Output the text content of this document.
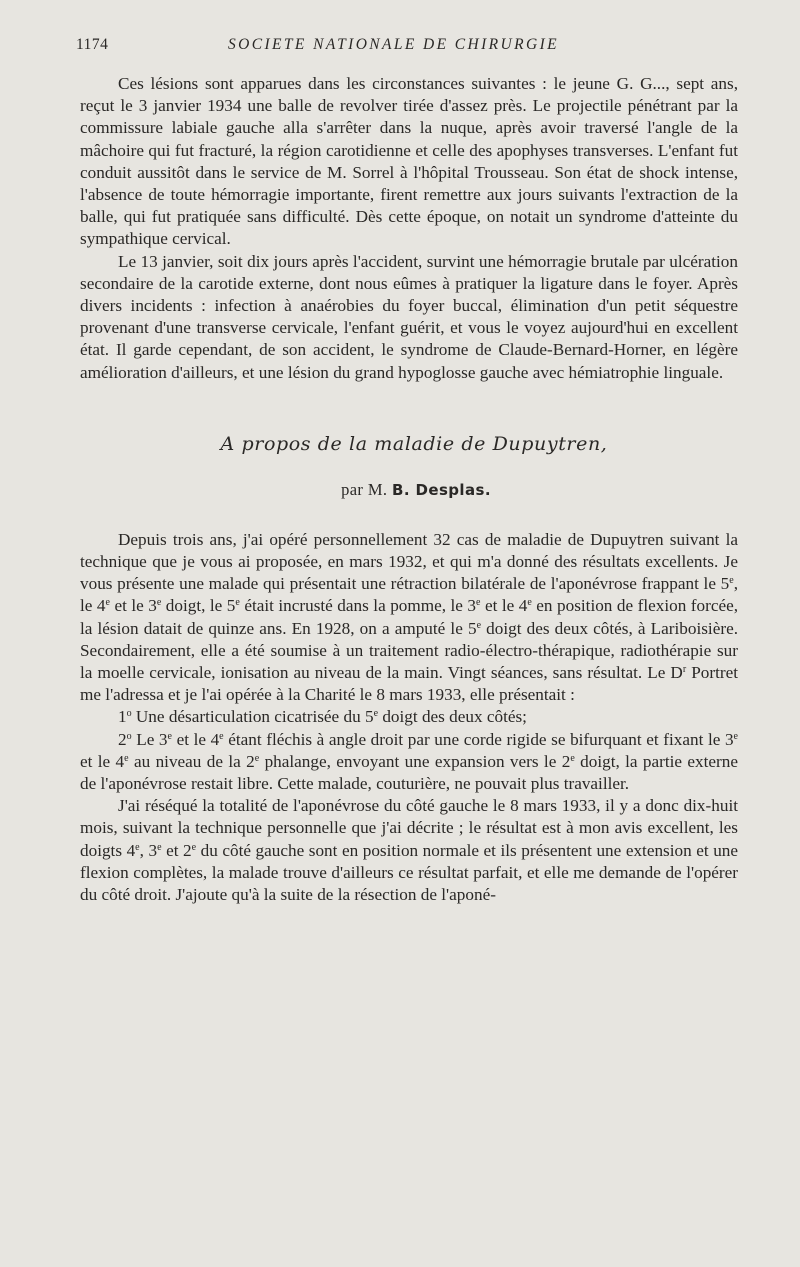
1174	SOCIETE NATIONALE DE CHIRURGIE

Ces lésions sont apparues dans les circonstances suivantes : le jeune G. G..., sept ans, reçut le 3 janvier 1934 une balle de revolver tirée d'assez près. Le projectile pénétrant par la commissure labiale gauche alla s'arrêter dans la nuque, après avoir traversé l'angle de la mâchoire qui fut fracturé, la région carotidienne et celle des apophyses transverses. L'enfant fut conduit aussitôt dans le service de M. Sorrel à l'hôpital Trousseau. Son état de shock intense, l'absence de toute hémorragie importante, firent remettre aux jours suivants l'extraction de la balle, qui fut pratiquée sans difficulté. Dès cette époque, on notait un syndrome d'atteinte du sympathique cervical.

Le 13 janvier, soit dix jours après l'accident, survint une hémorragie brutale par ulcération secondaire de la carotide externe, dont nous eûmes à pratiquer la ligature dans le foyer. Après divers incidents : infection à anaérobies du foyer buccal, élimination d'un petit séquestre provenant d'une transverse cervicale, l'enfant guérit, et vous le voyez aujourd'hui en excellent état. Il garde cependant, de son accident, le syndrome de Claude-Bernard-Horner, en légère amélioration d'ailleurs, et une lésion du grand hypoglosse gauche avec hémiatrophie linguale.

A propos de la maladie de Dupuytren,
par M. B. Desplas.

Depuis trois ans, j'ai opéré personnellement 32 cas de maladie de Dupuytren suivant la technique que je vous ai proposée, en mars 1932, et qui m'a donné des résultats excellents. Je vous présente une malade qui présentait une rétraction bilatérale de l'aponévrose frappant le 5e, le 4e et le 3e doigt, le 5e était incrusté dans la pomme, le 3e et le 4e en position de flexion forcée, la lésion datait de quinze ans. En 1928, on a amputé le 5e doigt des deux côtés, à Lariboisière. Secondairement, elle a été soumise à un traitement radio-électro-thérapique, radiothérapie sur la moelle cervicale, ionisation au niveau de la main. Vingt séances, sans résultat. Le $D^r$ Portret me l'adressa et je l'ai opérée à la Charité le 8 mars 1933, elle présentait :

1$^o$ Une désarticulation cicatrisée du 5e doigt des deux côtés;

2$^o$ Le 3e et le 4e étant fléchis à angle droit par une corde rigide se bifurquant et fixant le 3e et le 4e au niveau de la 2e phalange, envoyant une expansion vers le 2e doigt, la partie externe de l'aponévrose restait libre. Cette malade, couturière, ne pouvait plus travailler.

J'ai réséqué la totalité de l'aponévrose du côté gauche le 8 mars 1933, il y a donc dix-huit mois, suivant la technique personnelle que j'ai décrite ; le résultat est à mon avis excellent, les doigts 4e, 3e et 2e du côté gauche sont en position normale et ils présentent une extension et une flexion complètes, la malade trouve d'ailleurs ce résultat parfait, et elle me demande de l'opérer du côté droit. J'ajoute qu'à la suite de la résection de l'aponé-
